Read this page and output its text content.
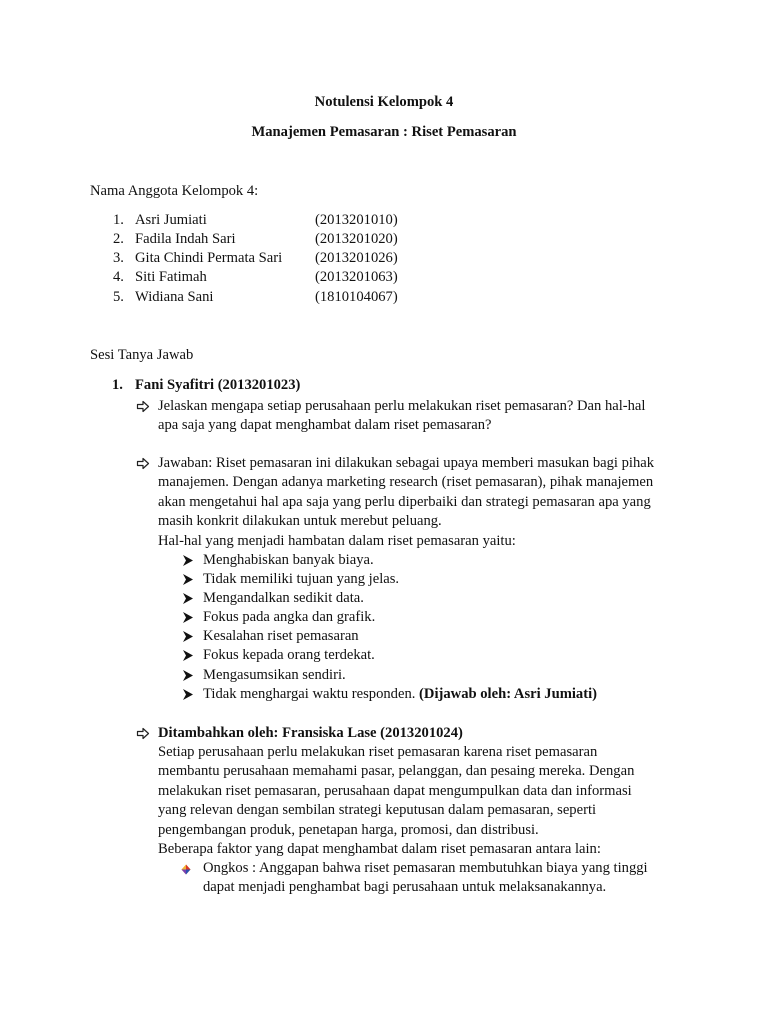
Notulensi Kelompok 4
Manajemen Pemasaran : Riset Pemasaran
Nama Anggota Kelompok 4:
1. Asri Jumiati	(2013201010)
2. Fadila Indah Sari	(2013201020)
3. Gita Chindi Permata Sari (2013201026)
4. Siti Fatimah	(2013201063)
5. Widiana Sani	(1810104067)
Sesi Tanya Jawab
1. Fani Syafitri (2013201023)
Jelaskan mengapa setiap perusahaan perlu melakukan riset pemasaran? Dan hal-hal
apa saja yang dapat menghambat dalam riset pemasaran?
Jawaban: Riset pemasaran ini dilakukan sebagai upaya memberi masukan bagi pihak
manajemen. Dengan adanya marketing research (riset pemasaran), pihak manajemen
akan mengetahui hal apa saja yang perlu diperbaiki dan strategi pemasaran apa yang
masih konkrit dilakukan untuk merebut peluang.
Hal-hal yang menjadi hambatan dalam riset pemasaran yaitu:
Menghabiskan banyak biaya.
Tidak memiliki tujuan yang jelas.
Mengandalkan sedikit data.
Fokus pada angka dan grafik.
Kesalahan riset pemasaran
Fokus kepada orang terdekat.
Mengasumsikan sendiri.
Tidak menghargai waktu responden. (Dijawab oleh: Asri Jumiati)
Ditambahkan oleh: Fransiska Lase (2013201024)
Setiap perusahaan perlu melakukan riset pemasaran karena riset pemasaran
membantu perusahaan memahami pasar, pelanggan, dan pesaing mereka. Dengan
melakukan riset pemasaran, perusahaan dapat mengumpulkan data dan informasi
yang relevan dengan sembilan strategi keputusan dalam pemasaran, seperti
pengembangan produk, penetapan harga, promosi, dan distribusi.
Beberapa faktor yang dapat menghambat dalam riset pemasaran antara lain:
Ongkos : Anggapan bahwa riset pemasaran membutuhkan biaya yang tinggi
dapat menjadi penghambat bagi perusahaan untuk melaksanakannya.
